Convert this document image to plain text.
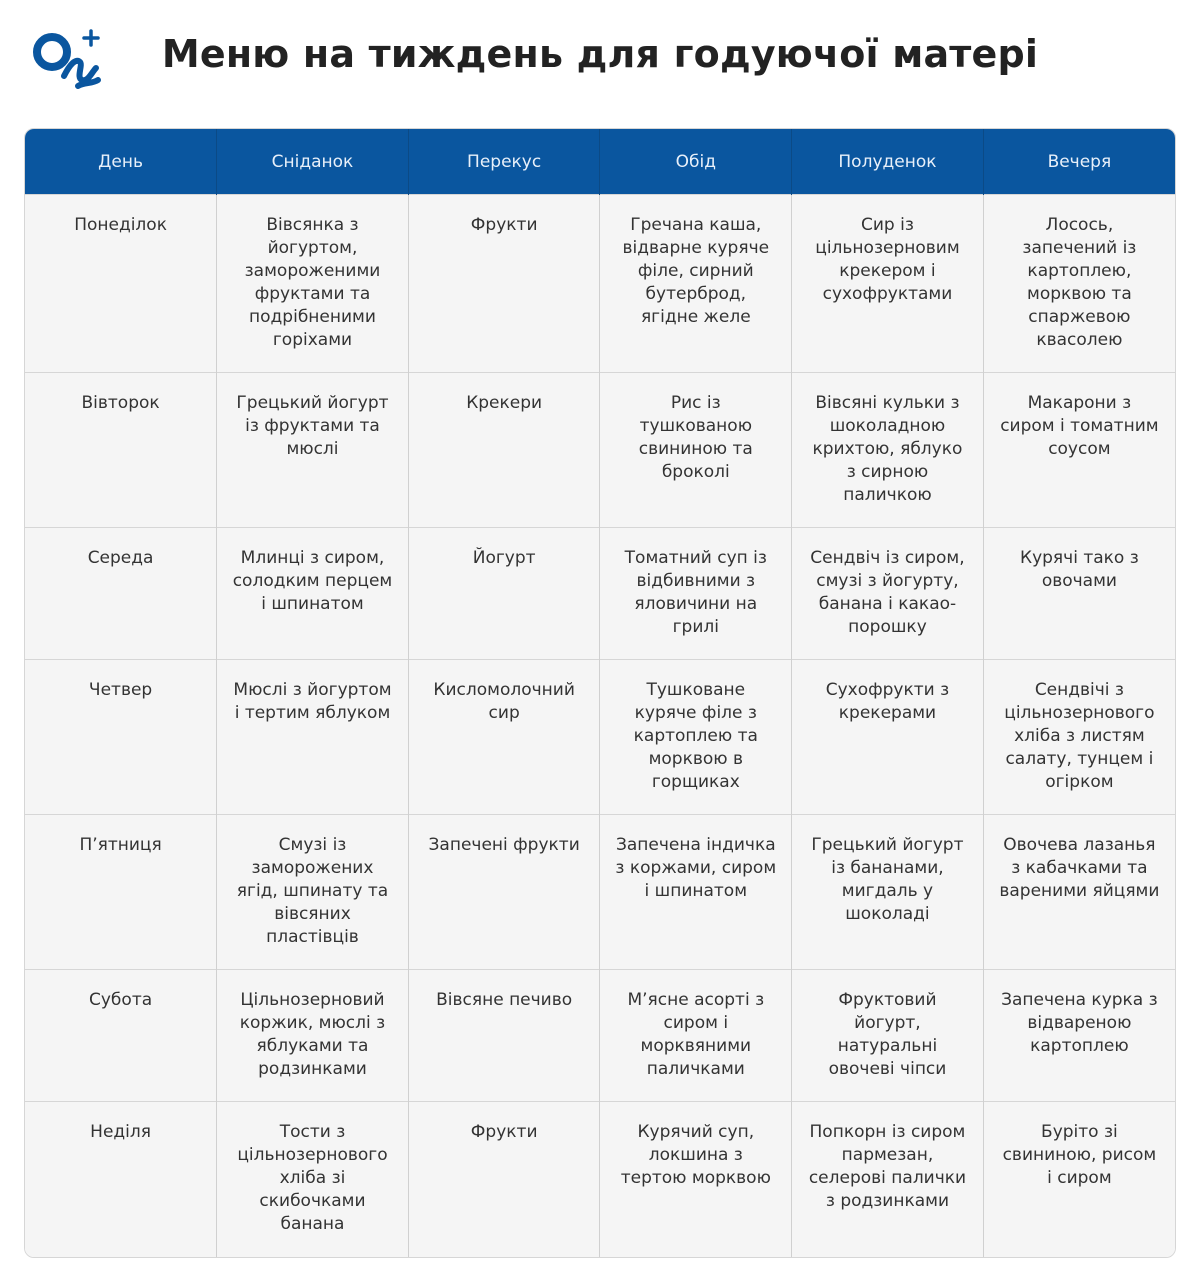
Меню на тиждень для годуючої матері
День	Сніданок	Перекус	Обід	Полуденок	Вечеря
Понеділок	Вівсянка з йогуртом, замороженими фруктами та подрібненими горіхами	Фрукти	Гречана каша, відварне куряче філе, сирний бутерброд, ягідне желе	Сир із цільнозерновим крекером і сухофруктами	Лосось, запечений із картоплею, морквою та спаржевою квасолею
Вівторок	Грецький йогурт із фруктами та мюслі	Крекери	Рис із тушкованою свининою та броколі	Вівсяні кульки з шоколадною крихтою, яблуко з сирною паличкою	Макарони з сиром і томатним соусом
Середа	Млинці з сиром, солодким перцем і шпинатом	Йогурт	Томатний суп із відбивними з яловичини на грилі	Сендвіч із сиром, смузі з йогурту, банана і какао-порошку	Курячі тако з овочами
Четвер	Мюслі з йогуртом і тертим яблуком	Кисломолочний сир	Тушковане куряче філе з картоплею та морквою в горщиках	Сухофрукти з крекерами	Сендвічі з цільнозернового хліба з листям салату, тунцем і огірком
П’ятниця	Смузі із заморожених ягід, шпинату та вівсяних пластівців	Запечені фрукти	Запечена індичка з коржами, сиром і шпинатом	Грецький йогурт із бананами, мигдаль у шоколаді	Овочева лазанья з кабачками та вареними яйцями
Субота	Цільнозерновий коржик, мюслі з яблуками та родзинками	Вівсяне печиво	М’ясне асорті з сиром і морквяними паличками	Фруктовий йогурт, натуральні овочеві чіпси	Запечена курка з відвареною картоплею
Неділя	Тости з цільнозернового хліба зі скибочками банана	Фрукти	Курячий суп, локшина з тертою морквою	Попкорн із сиром пармезан, селерові палички з родзинками	Буріто зі свининою, рисом і сиром
